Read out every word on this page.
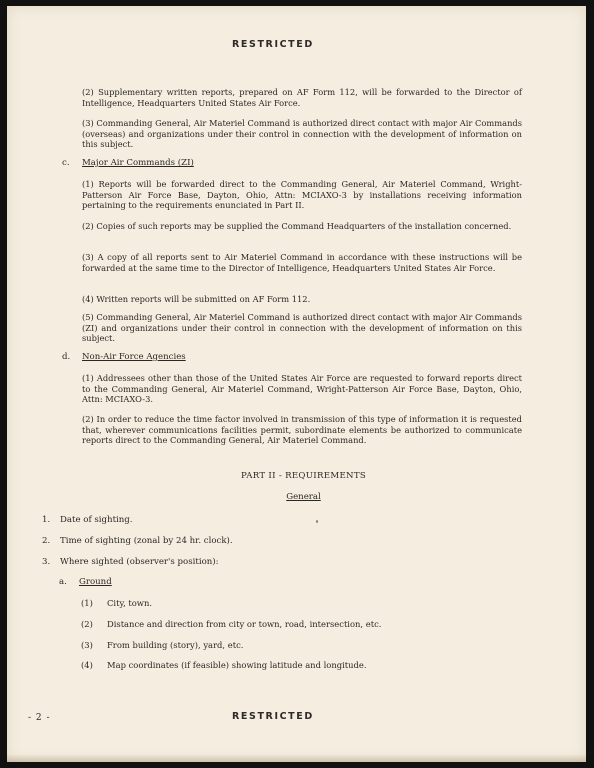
RESTRICTED

(2) Supplementary written reports, prepared on AF Form 112, will be forwarded to the Director of Intelligence, Headquarters United States Air Force.

(3) Commanding General, Air Materiel Command is authorized direct contact with major Air Commands (overseas) and organizations under their control in connection with the development of information on this subject.

c. Major Air Commands (ZI)

(1) Reports will be forwarded direct to the Commanding General, Air Materiel Command, Wright-Patterson Air Force Base, Dayton, Ohio, Attn: MCIAXO-3 by installations receiving information pertaining to the requirements enunciated in Part II.

(2) Copies of such reports may be supplied the Command Headquarters of the installation concerned.

(3) A copy of all reports sent to Air Materiel Command in accordance with these instructions will be forwarded at the same time to the Director of Intelligence, Headquarters United States Air Force.

(4) Written reports will be submitted on AF Form 112.

(5) Commanding General, Air Materiel Command is authorized direct contact with major Air Commands (ZI) and organizations under their control in connection with the development of information on this subject.

d. Non-Air Force Agencies

(1) Addressees other than those of the United States Air Force are requested to forward reports direct to the Commanding General, Air Materiel Command, Wright-Patterson Air Force Base, Dayton, Ohio, Attn: MCIAXO-3.

(2) In order to reduce the time factor involved in transmission of this type of information it is requested that, wherever communications facilities permit, subordinate elements be authorized to communicate reports direct to the Commanding General, Air Materiel Command.

PART II - REQUIREMENTS
General
1. Date of sighting.
2. Time of sighting (zonal by 24 hr. clock).
3. Where sighted (observer's position):
a. Ground
(1) City, town.
(2) Distance and direction from city or town, road, intersection, etc.
(3) From building (story), yard, etc.
(4) Map coordinates (if feasible) showing latitude and longitude.
- 2 -	RESTRICTED
